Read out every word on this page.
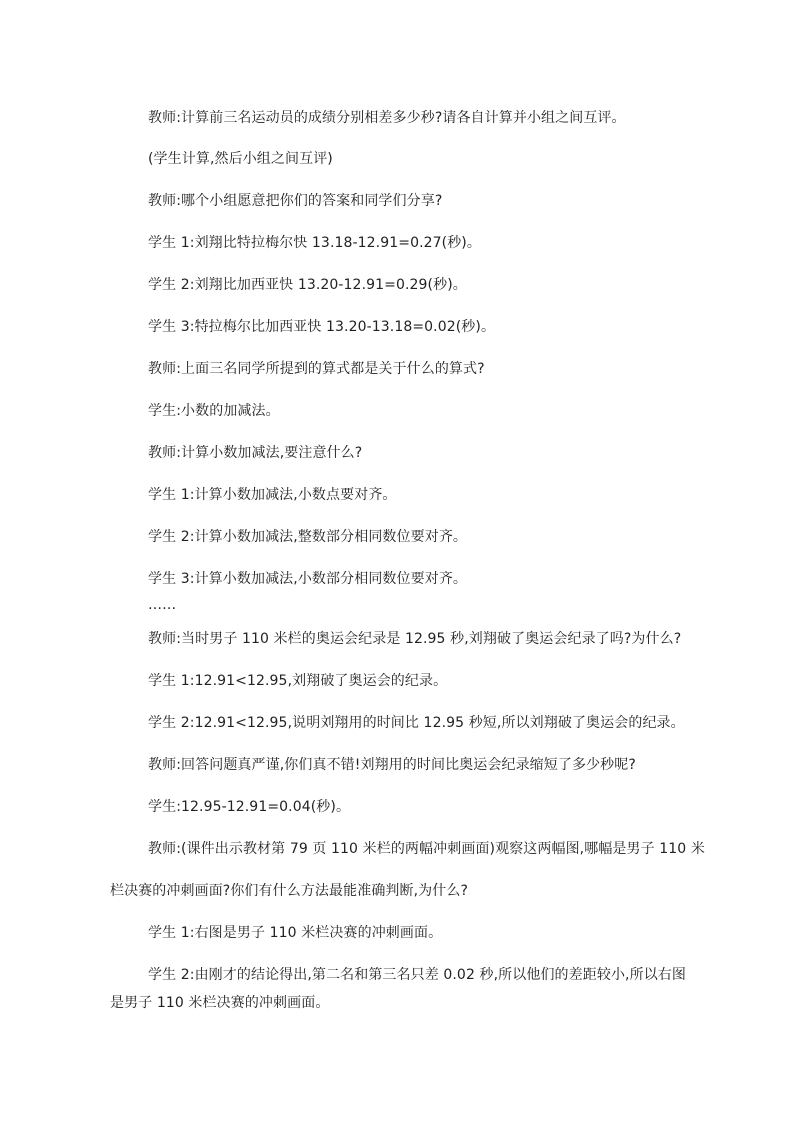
教师:计算前三名运动员的成绩分别相差多少秒?请各自计算并小组之间互评。
(学生计算,然后小组之间互评)
教师:哪个小组愿意把你们的答案和同学们分享?
学生 1:刘翔比特拉梅尔快 13.18-12.91=0.27(秒)。
学生 2:刘翔比加西亚快 13.20-12.91=0.29(秒)。
学生 3:特拉梅尔比加西亚快 13.20-13.18=0.02(秒)。
教师:上面三名同学所提到的算式都是关于什么的算式?
学生:小数的加减法。
教师:计算小数加减法,要注意什么?
学生 1:计算小数加减法,小数点要对齐。
学生 2:计算小数加减法,整数部分相同数位要对齐。
学生 3:计算小数加减法,小数部分相同数位要对齐。
……
教师:当时男子 110 米栏的奥运会纪录是 12.95 秒,刘翔破了奥运会纪录了吗?为什么?
学生 1:12.91<12.95,刘翔破了奥运会的纪录。
学生 2:12.91<12.95,说明刘翔用的时间比 12.95 秒短,所以刘翔破了奥运会的纪录。
教师:回答问题真严谨,你们真不错!刘翔用的时间比奥运会纪录缩短了多少秒呢?
学生:12.95-12.91=0.04(秒)。
教师:(课件出示教材第 79 页 110 米栏的两幅冲刺画面)观察这两幅图,哪幅是男子 110 米
栏决赛的冲刺画面?你们有什么方法最能准确判断,为什么?
学生 1:右图是男子 110 米栏决赛的冲刺画面。
学生 2:由刚才的结论得出,第二名和第三名只差 0.02 秒,所以他们的差距较小,所以右图
是男子 110 米栏决赛的冲刺画面。
